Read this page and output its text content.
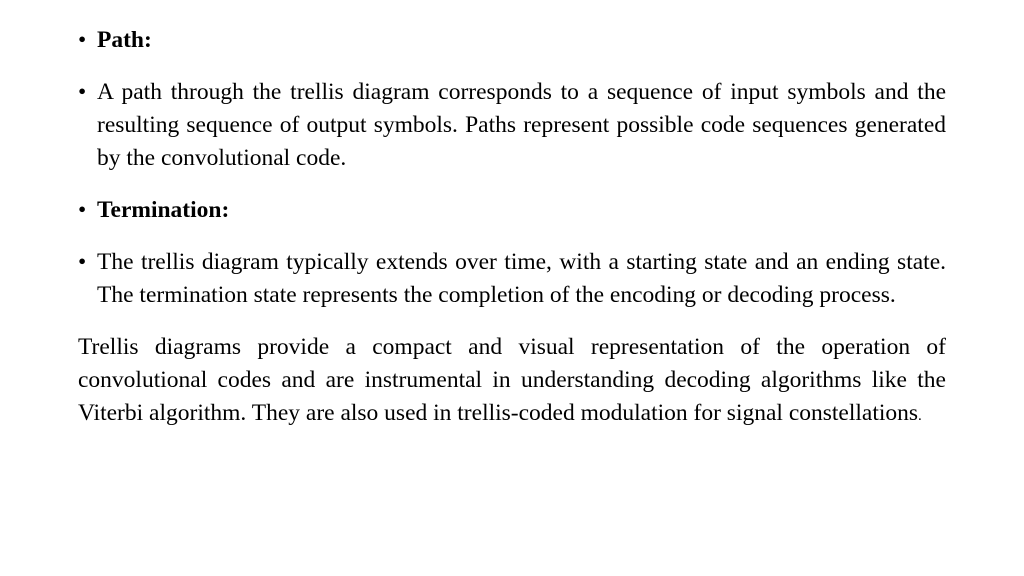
• Path:
• A path through the trellis diagram corresponds to a sequence of input symbols and the resulting sequence of output symbols. Paths represent possible code sequences generated by the convolutional code.
• Termination:
• The trellis diagram typically extends over time, with a starting state and an ending state. The termination state represents the completion of the encoding or decoding process.

Trellis diagrams provide a compact and visual representation of the operation of convolutional codes and are instrumental in understanding decoding algorithms like the Viterbi algorithm. They are also used in trellis-coded modulation for signal constellations.
